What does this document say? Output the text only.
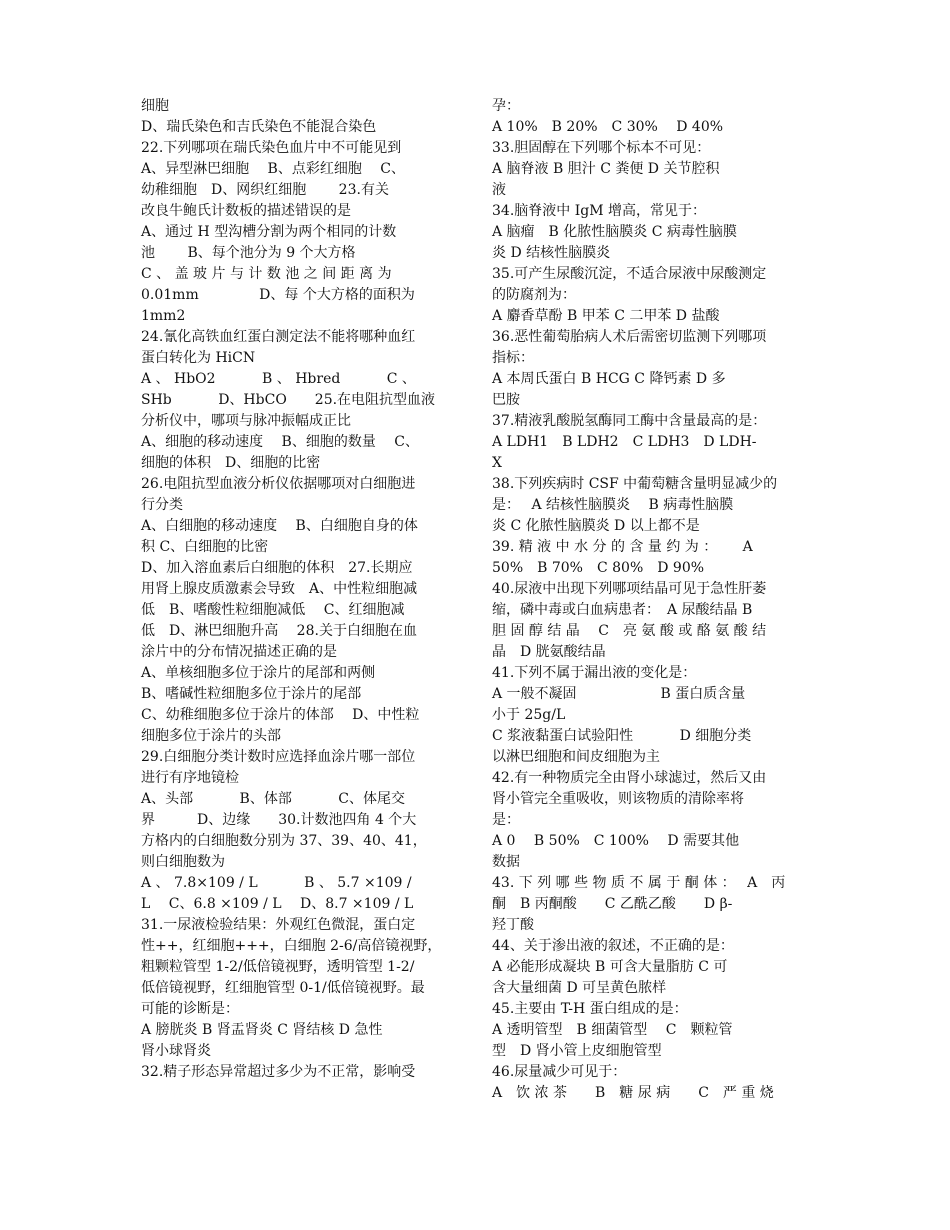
细胞
D、瑞氏染色和吉氏染色不能混合染色
22.下列哪项在瑞氏染色血片中不可能见到
A、异型淋巴细胞　 B、点彩红细胞　 C、
幼稚细胞　D、网织红细胞　　 23.有关
改良牛鲍氏计数板的描述错误的是
A、通过 H 型沟槽分割为两个相同的计数
池　　 B、每个池分为 9 个大方格
C 、 盖 玻 片 与 计 数 池 之 间 距 离 为
0.01mm　　　　 D、每 个大方格的面积为
1mm2
24.氰化高铁血红蛋白测定法不能将哪种血红
蛋白转化为 HiCN
A 、 HbO2　　　 B 、 Hbred　　　 C 、
SHb　　　 D、HbCO　　25.在电阻抗型血液
分析仪中，哪项与脉冲振幅成正比
A、细胞的移动速度　 B、细胞的数量　 C、
细胞的体积　D、细胞的比密
26.电阻抗型血液分析仪依据哪项对白细胞进
行分类
A、白细胞的移动速度　 B、白细胞自身的体
积 C、白细胞的比密
D、加入溶血素后白细胞的体积　27.长期应
用肾上腺皮质激素会导致　A、中性粒细胞减
低　B、嗜酸性粒细胞减低　 C、红细胞减
低　D、淋巴细胞升高　 28.关于白细胞在血
涂片中的分布情况描述正确的是
A、单核细胞多位于涂片的尾部和两侧
B、嗜碱性粒细胞多位于涂片的尾部
C、幼稚细胞多位于涂片的体部　 D、中性粒
细胞多位于涂片的头部
29.白细胞分类计数时应选择血涂片哪一部位
进行有序地镜检
A、头部　　　 B、体部　　　 C、体尾交
界　　　D、边缘　　30.计数池四角 4 个大
方格内的白细胞数分别为 37、39、40、41，
则白细胞数为
A 、 7.8×109 / L　　　 B 、 5.7 ×109 /
L　 C、6.8 ×109 / L　 D、8.7 ×109 / L
31.一尿液检验结果：外观红色微混，蛋白定
性++，红细胞+++，白细胞 2-6/高倍镜视野，
粗颗粒管型 1-2/低倍镜视野，透明管型 1-2/
低倍镜视野，红细胞管型 0-1/低倍镜视野。最
可能的诊断是：
A 膀胱炎 B 肾盂肾炎 C 肾结核 D 急性
肾小球肾炎
32.精子形态异常超过多少为不正常，影响受
孕：
A 10%　B 20%　C 30%　 D 40%
33.胆固醇在下列哪个标本不可见：
A 脑脊液 B 胆汁 C 粪便 D 关节腔积
液
34.脑脊液中 IgM 增高，常见于：
A 脑瘤　B 化脓性脑膜炎 C 病毒性脑膜
炎 D 结核性脑膜炎
35.可产生尿酸沉淀，不适合尿液中尿酸测定
的防腐剂为：
A 麝香草酚 B 甲苯 C 二甲苯 D 盐酸
36.恶性葡萄胎病人术后需密切监测下列哪项
指标：
A 本周氏蛋白 B HCG C 降钙素 D 多
巴胺
37.精液乳酸脱氢酶同工酶中含量最高的是：
A LDH1　B LDH2　C LDH3　D LDH-
X
38.下列疾病时 CSF 中葡萄糖含量明显减少的
是：　 A 结核性脑膜炎　 B 病毒性脑膜
炎 C 化脓性脑膜炎 D 以上都不是
39. 精 液 中 水 分 的 含 量 约 为 ：　　 A
50%　B 70%　C 80%　D 90%
40.尿液中出现下列哪项结晶可见于急性肝萎
缩，磷中毒或白血病患者：　A 尿酸结晶 B
胆 固 醇 结 晶　 C　亮 氨 酸 或 酪 氨 酸 结
晶　D 胱氨酸结晶
41.下列不属于漏出液的变化是：
A 一般不凝固　　　　　　B 蛋白质含量
小于 25g/L
C 浆液黏蛋白试验阳性　　　 D 细胞分类
以淋巴细胞和间皮细胞为主
42.有一种物质完全由肾小球滤过，然后又由
肾小管完全重吸收，则该物质的清除率将
是：
A 0　 B 50%　C 100%　 D 需要其他
数据
43. 下 列 哪 些 物 质 不 属 于 酮 体 ：　 A　丙
酮　B 丙酮酸　　C 乙酰乙酸　　D β-
羟丁酸
44、关于渗出液的叙述，不正确的是：
A 必能形成凝块 B 可含大量脂肪 C 可
含大量细菌 D 可呈黄色脓样
45.主要由 T-H 蛋白组成的是：
A 透明管型　B 细菌管型　 C　颗粒管
型　D 肾小管上皮细胞管型
46.尿量减少可见于：
A　饮 浓 茶　　B　糖 尿 病　　C　严 重 烧
